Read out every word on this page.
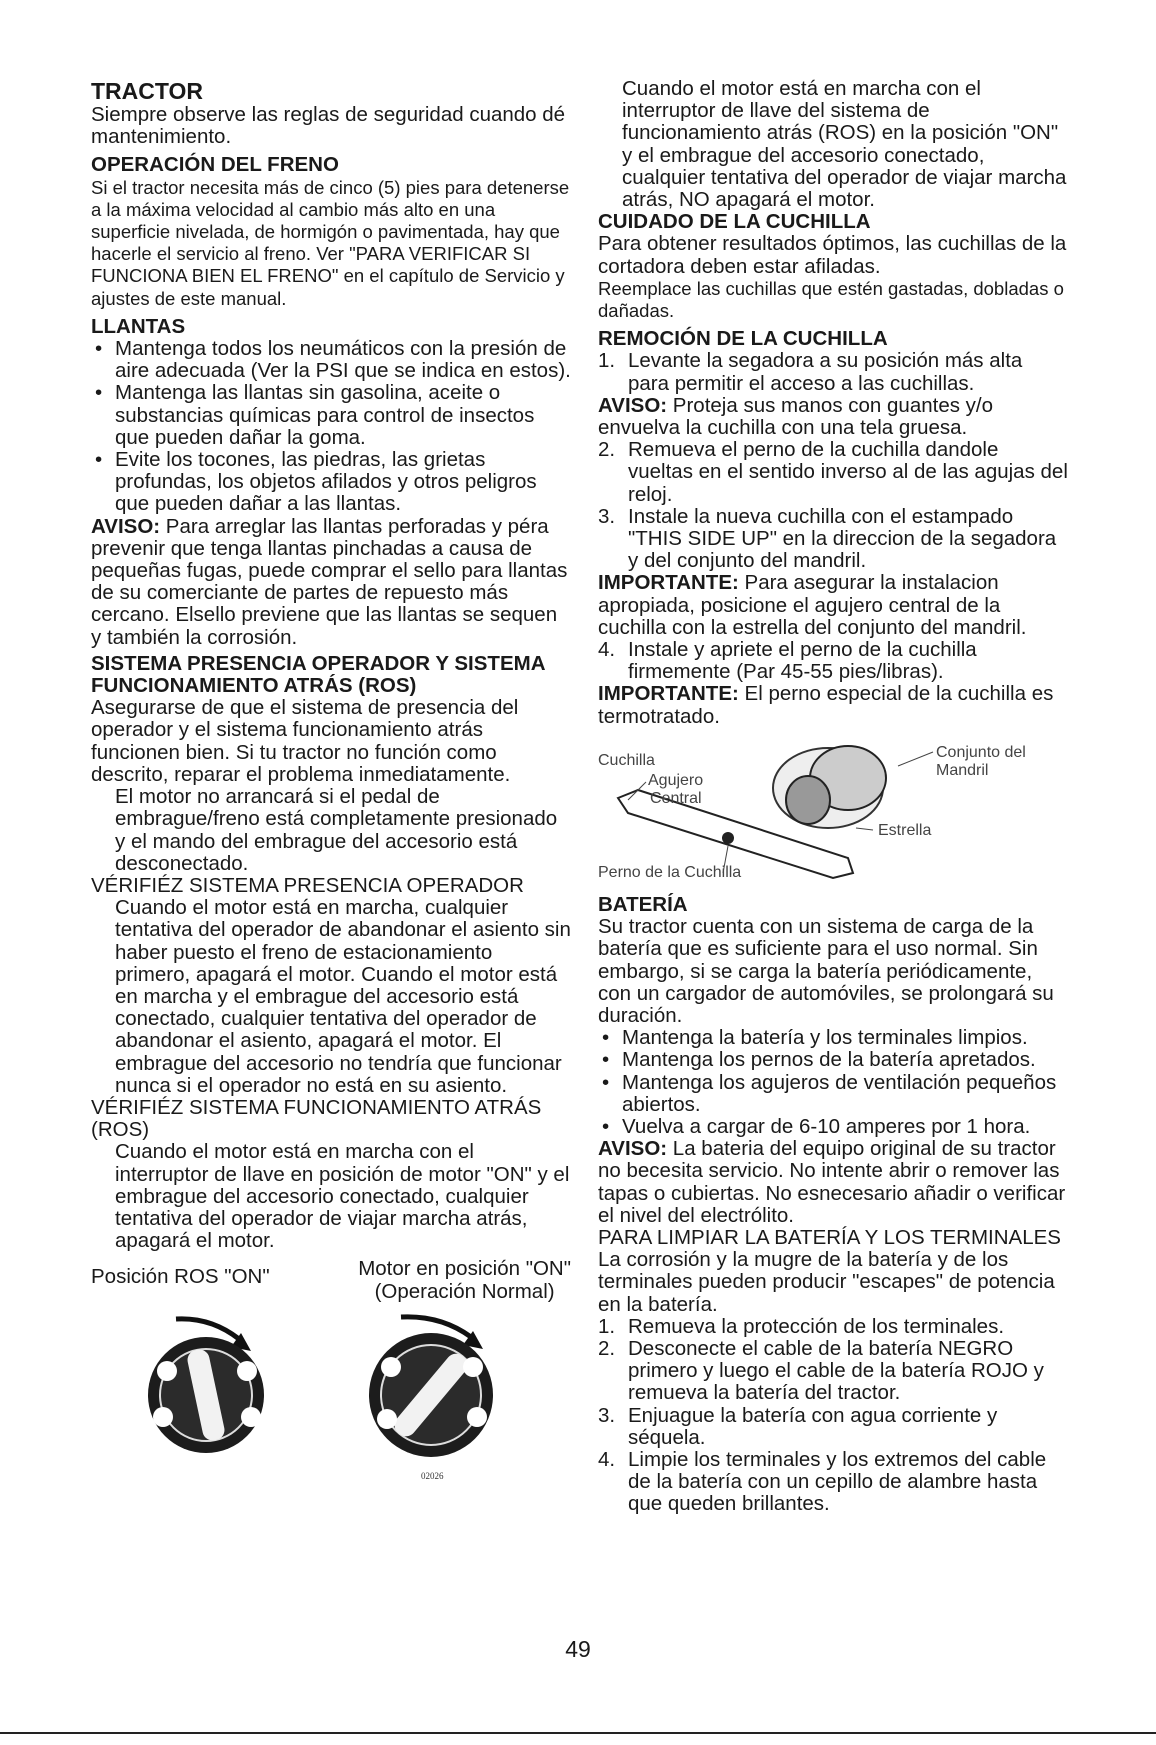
TRACTOR

Siempre observe las reglas de seguridad cuando dé mantenimiento.

OPERACIÓN DEL FRENO

Si el tractor necesita más de cinco (5) pies para detenerse a la máxima velocidad al cambio más alto en una superficie nivelada, de hormigón o pavimentada, hay que hacerle el servicio al freno. Ver "PARA VERIFICAR SI FUNCIONA BIEN EL FRENO" en el capítulo de Servicio y ajustes de este manual.

LLANTAS

• Mantenga todos los neumáticos con la presión de aire adecuada (Ver la PSI que se indica en estos).
• Mantenga las llantas sin gasolina, aceite o substancias químicas para control de insectos que pueden dañar la goma.
• Evite los tocones, las piedras, las grietas profundas, los objetos afilados y otros peligros que pueden dañar a las llantas.

AVISO: Para arreglar las llantas perforadas y péra prevenir que tenga llantas pinchadas a causa de pequeñas fugas, puede comprar el sello para llantas de su comerciante de partes de repuesto más cercano. Elsello previene que las llantas se sequen y también la corrosión.

SISTEMA PRESENCIA OPERADOR Y SISTEMA FUNCIONAMIENTO ATRÁS (ROS)

Asegurarse de que el sistema de presencia del operador y el sistema funcionamiento atrás funcionen bien. Si tu tractor no función como descrito, reparar el problema inmediatamente.

El motor no arrancará si el pedal de embrague/freno está completamente presionado y el mando del embrague del accesorio está desconectado.

VÉRIFIÉZ SISTEMA PRESENCIA OPERADOR

Cuando el motor está en marcha, cualquier tentativa del operador de abandonar el asiento sin haber puesto el freno de estacionamiento primero, apagará el motor. Cuando el motor está en marcha y el embrague del accesorio está conectado, cualquier tentativa del operador de abandonar el asiento, apagará el motor. El embrague del accesorio no tendría que funcionar nunca si el operador no está en su asiento.

VÉRIFIÉZ SISTEMA FUNCIONAMIENTO ATRÁS (ROS)

Cuando el motor está en marcha con el interruptor de llave en posición de motor "ON" y el embrague del accesorio conectado, cualquier tentativa del operador de viajar marcha atrás, apagará el motor.

Posición ROS "ON"	Motor en posición "ON"
(Operación Normal)
02026

Cuando el motor está en marcha con el interruptor de llave del sistema de funcionamiento atrás (ROS) en la posición "ON" y el embrague del accesorio conectado, cualquier tentativa del operador de viajar marcha atrás, NO apagará el motor.

CUIDADO DE LA CUCHILLA

Para obtener resultados óptimos, las cuchillas de la cortadora deben estar afiladas.

Reemplace las cuchillas que estén gastadas, dobladas o dañadas.

REMOCIÓN DE LA CUCHILLA

1. Levante la segadora a su posición más alta para permitir el acceso a las cuchillas.

AVISO: Proteja sus manos con guantes y/o envuelva la cuchilla con una tela gruesa.

2. Remueva el perno de la cuchilla dandole vueltas en el sentido inverso al de las agujas del reloj.
3. Instale la nueva cuchilla con el estampado "THIS SIDE UP" en la direccion de la segadora y del conjunto del mandril.

IMPORTANTE: Para asegurar la instalacion apropiada, posicione el agujero central de la cuchilla con la estrella del conjunto del mandril.

4. Instale y apriete el perno de la cuchilla firmemente (Par 45-55 pies/libras).

IMPORTANTE: El perno especial de la cuchilla es termotratado.

Cuchilla
Agujero
Central
Conjunto del
Mandril
Estrella
Perno de la Cuchilla

BATERÍA

Su tractor cuenta con un sistema de carga de la batería que es suficiente para el uso normal. Sin embargo, si se carga la batería periódicamente, con un cargador de automóviles, se prolongará su duración.

• Mantenga la batería y los terminales limpios.
• Mantenga los pernos de la batería apretados.
• Mantenga los agujeros de ventilación pequeños abiertos.
• Vuelva a cargar de 6-10 amperes por 1 hora.

AVISO: La bateria del equipo original de su tractor no becesita servicio. No intente abrir o remover las tapas o cubiertas. No esnecesario añadir o verificar el nivel del electrólito.

PARA LIMPIAR LA BATERÍA Y LOS TERMINALES

La corrosión y la mugre de la batería y de los terminales pueden producir "escapes" de potencia en la batería.

1. Remueva la protección de los terminales.
2. Desconecte el cable de la batería NEGRO primero y luego el cable de la batería ROJO y remueva la batería del tractor.
3. Enjuague la batería con agua corriente y séquela.
4. Limpie los terminales y los extremos del cable de la batería con un cepillo de alambre hasta que queden brillantes.
49
